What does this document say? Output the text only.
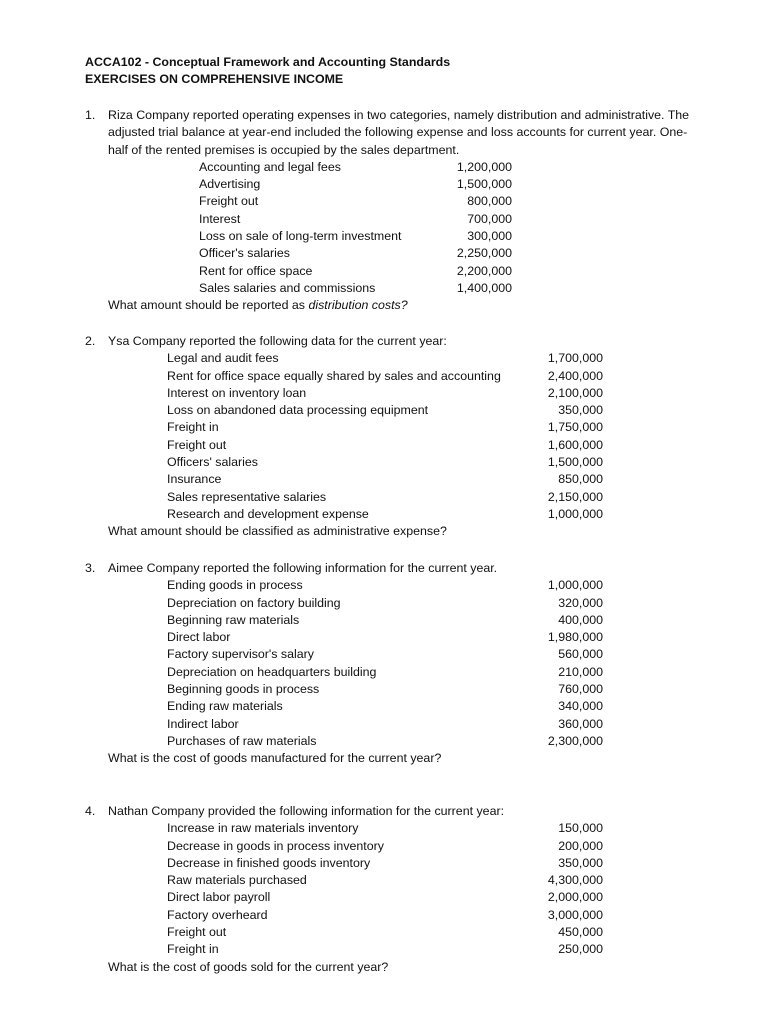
ACCA102 - Conceptual Framework and Accounting Standards
EXERCISES ON COMPREHENSIVE INCOME
1. Riza Company reported operating expenses in two categories, namely distribution and administrative. The
adjusted trial balance at year-end included the following expense and loss accounts for current year. One-
half of the rented premises is occupied by the sales department.
Accounting and legal fees	1,200,000
Advertising	1,500,000
Freight out	800,000
Interest	700,000
Loss on sale of long-term investment	300,000
Officer's salaries	2,250,000
Rent for office space	2,200,000
Sales salaries and commissions	1,400,000
What amount should be reported as distribution costs?
2. Ysa Company reported the following data for the current year:
Legal and audit fees	1,700,000
Rent for office space equally shared by sales and accounting	2,400,000
Interest on inventory loan	2,100,000
Loss on abandoned data processing equipment	350,000
Freight in	1,750,000
Freight out	1,600,000
Officers' salaries	1,500,000
Insurance	850,000
Sales representative salaries	2,150,000
Research and development expense	1,000,000
What amount should be classified as administrative expense?
3. Aimee Company reported the following information for the current year.
Ending goods in process	1,000,000
Depreciation on factory building	320,000
Beginning raw materials	400,000
Direct labor	1,980,000
Factory supervisor's salary	560,000
Depreciation on headquarters building	210,000
Beginning goods in process	760,000
Ending raw materials	340,000
Indirect labor	360,000
Purchases of raw materials	2,300,000
What is the cost of goods manufactured for the current year?
4. Nathan Company provided the following information for the current year:
Increase in raw materials inventory	150,000
Decrease in goods in process inventory	200,000
Decrease in finished goods inventory	350,000
Raw materials purchased	4,300,000
Direct labor payroll	2,000,000
Factory overheard	3,000,000
Freight out	450,000
Freight in	250,000
What is the cost of goods sold for the current year?
